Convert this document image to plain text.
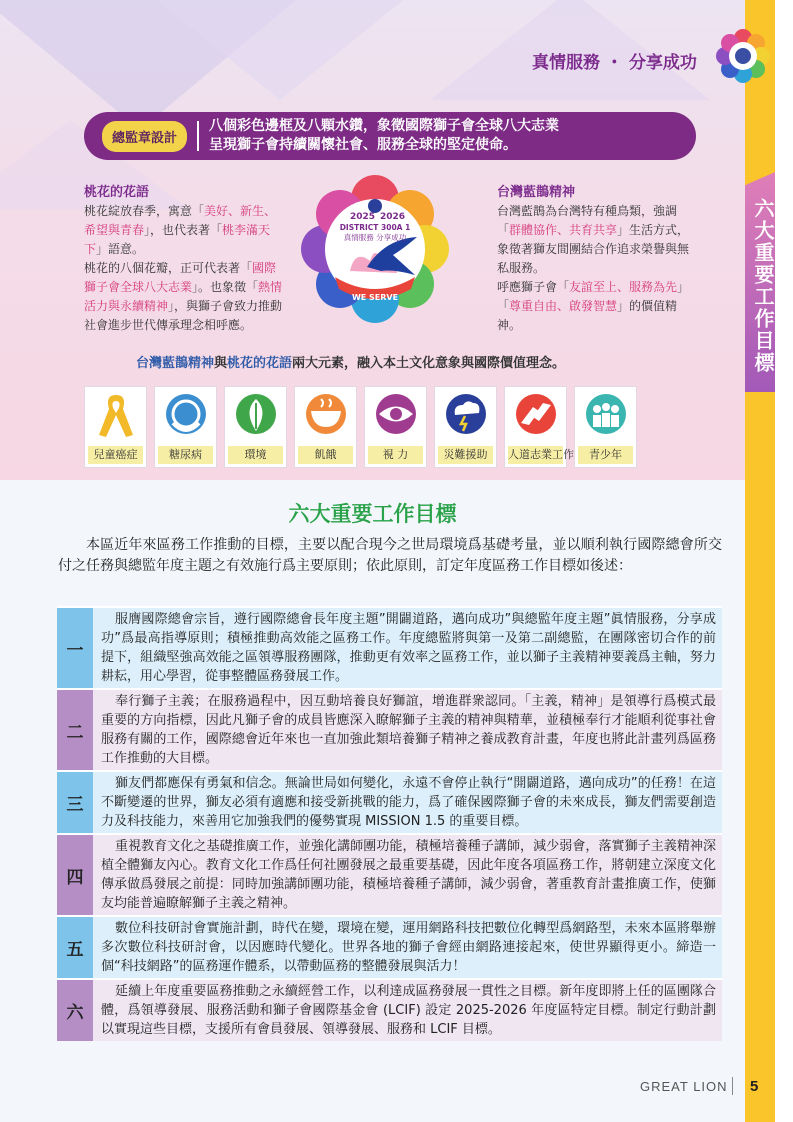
六大重要工作目標
真情服務 ・ 分享成功
總監章設計
八個彩色邊框及八顆水鑽，象徵國際獅子會全球八大志業
呈現獅子會持續關懷社會、服務全球的堅定使命。
桃花的花語
桃花綻放春季，寓意「美好、新生、希望與青春」，也代表著「桃李滿天下」語意。
桃花的八個花瓣，正可代表著「國際獅子會全球八大志業」。也象徵「熱情活力與永續精神」，與獅子會致力推動社會進步世代傳承理念相呼應。
2025 2026
DISTRICT 300A 1
真情服務 分享成功
WE SERVE
台灣藍鵲精神
台灣藍鵲為台灣特有種鳥類，強調「群體協作、共育共享」生活方式，象徵著獅友間團結合作追求榮譽與無私服務。
呼應獅子會「友誼至上、服務為先」「尊重自由、啟發智慧」的價值精神。
台灣藍鵲精神與桃花的花語兩大元素，融入本土文化意象與國際價值理念。
兒童癌症	糖尿病	環境	飢餓	視 力	災難援助	人道志業工作	青少年
六大重要工作目標
本區近年來區務工作推動的目標，主要以配合現今之世局環境爲基礎考量，並以順利執行國際總會所交付之任務與總監年度主題之有效施行爲主要原則；依此原則，訂定年度區務工作目標如後述：
一
服膺國際總會宗旨，遵行國際總會長年度主題”開闢道路，邁向成功”與總監年度主題”眞情服務，分享成功”爲最高指導原則；積極推動高效能之區務工作。年度總監將與第一及第二副總監，在團隊密切合作的前提下，組織堅強高效能之區領導服務團隊，推動更有效率之區務工作，並以獅子主義精神要義爲主軸，努力耕耘，用心學習，從事整體區務發展工作。
二
奉行獅子主義；在服務過程中，因互動培養良好獅誼，增進群衆認同。「主義，精神」是領導行爲模式最重要的方向指標，因此凡獅子會的成員皆應深入瞭解獅子主義的精神與精華，並積極奉行才能順利從事社會服務有關的工作，國際總會近年來也一直加強此類培養獅子精神之養成教育計畫，年度也將此計畫列爲區務工作推動的大目標。
三
獅友們都應保有勇氣和信念。無論世局如何變化，永遠不會停止執行“開闢道路，邁向成功”的任務！在這不斷變遷的世界，獅友必須有適應和接受新挑戰的能力，爲了確保國際獅子會的未來成長，獅友們需要創造力及科技能力，來善用它加強我們的優勢實現 MISSION 1.5 的重要目標。
四
重視教育文化之基礎推廣工作，並強化講師團功能，積極培養種子講師，減少弱會，落實獅子主義精神深植全體獅友內心。教育文化工作爲任何社團發展之最重要基礎，因此年度各項區務工作，將朝建立深度文化傳承做爲發展之前提：同時加強講師團功能，積極培養種子講師，減少弱會，著重教育計畫推廣工作，使獅友均能普遍瞭解獅子主義之精神。
五
數位科技研討會實施計劃，時代在變，環境在變，運用網路科技把數位化轉型爲網路型，未來本區將舉辦多次數位科技研討會，以因應時代變化。世界各地的獅子會經由網路連接起來，使世界顯得更小。締造一個“科技網路”的區務運作體系，以帶動區務的整體發展與活力！
六
延續上年度重要區務推動之永續經營工作，以利達成區務發展一貫性之目標。新年度即將上任的區團隊合體，爲領導發展、服務活動和獅子會國際基金會 (LCIF) 設定 2025-2026 年度區特定目標。制定行動計劃以實現這些目標，支援所有會員發展、領導發展、服務和 LCIF 目標。
GREAT LION 5
